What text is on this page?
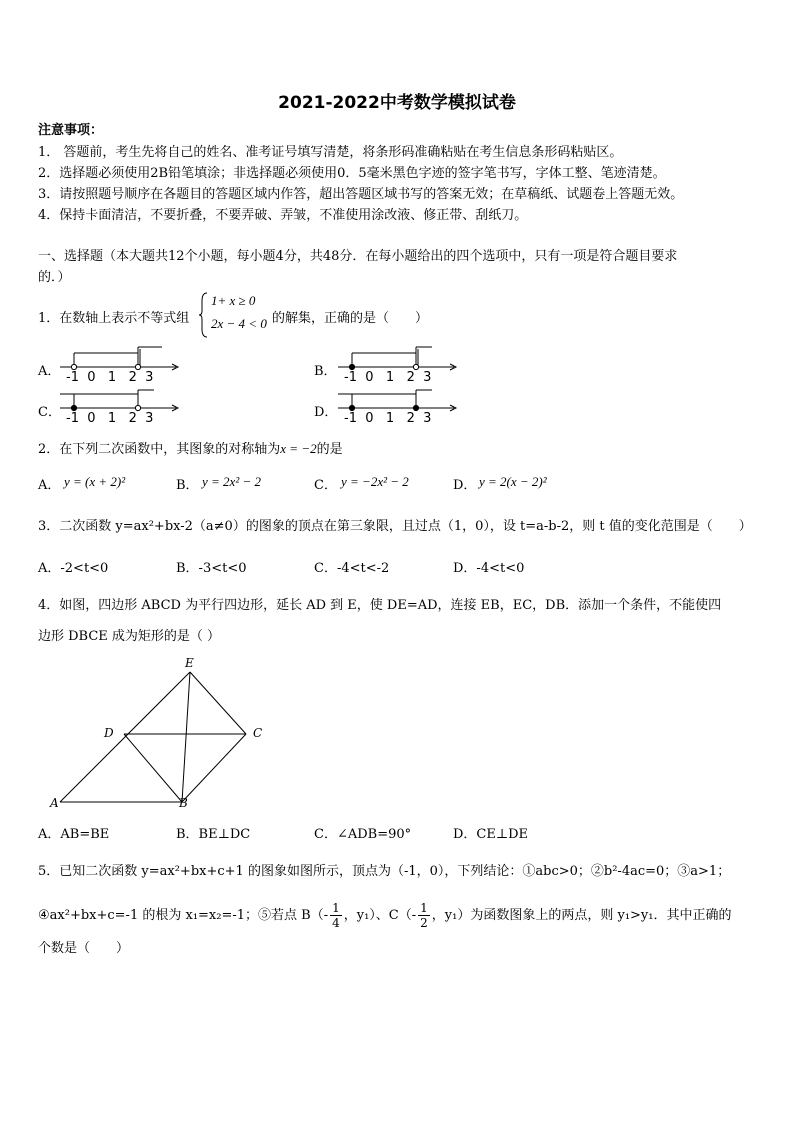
2021-2022中考数学模拟试卷
注意事项：
1． 答题前，考生先将自己的姓名、准考证号填写清楚，将条形码准确粘贴在考生信息条形码粘贴区。
2．选择题必须使用2B铅笔填涂；非选择题必须使用0．5毫米黑色字迹的签字笔书写，字体工整、笔迹清楚。
3．请按照题号顺序在各题目的答题区域内作答，超出答题区域书写的答案无效；在草稿纸、试题卷上答题无效。
4．保持卡面清洁，不要折叠，不要弄破、弄皱，不准使用涂改液、修正带、刮纸刀。
一、选择题（本大题共12个小题，每小题4分，共48分．在每小题给出的四个选项中，只有一项是符合题目要求
的．）
1．在数轴上表示不等式组
1+ x ≥ 0
2x − 4 < 0 的解集，正确的是（　　）
A． -1 0 1 2 3	B． -1 0 1 2 3
C． -1 0 1 2 3	D． -1 0 1 2 3
2．在下列二次函数中，其图象的对称轴为x = −2的是
A． y = (x + 2)²	B． y = 2x² − 2	C． y = −2x² − 2	D． y = 2(x − 2)²
3．二次函数 y=ax²+bx-2（a≠0）的图象的顶点在第三象限，且过点（1，0），设 t=a-b-2，则 t 值的变化范围是（　　）
A．-2<t<0	B．-3<t<0	C．-4<t<-2	D．-4<t<0
4．如图，四边形 ABCD 为平行四边形，延长 AD 到 E，使 DE=AD，连接 EB，EC，DB．添加一个条件，不能使四
边形 DBCE 成为矩形的是（ ）
E
D	C
A	B
A．AB=BE	B．BE⊥DC	C．∠ADB=90°	D．CE⊥DE
5．已知二次函数 y=ax²+bx+c+1 的图象如图所示，顶点为（-1，0），下列结论：①abc>0；②b²-4ac=0；③a>1；
④ax²+bx+c=-1 的根为 x₁=x₂=-1；⑤若点 $B(- \frac{1}{4}$ ，y₁）、$C(- \frac{1}{2}$ ，y₁）为函数图象上的两点，则 y₁>y₁．其中正确的
个数是（　　）
